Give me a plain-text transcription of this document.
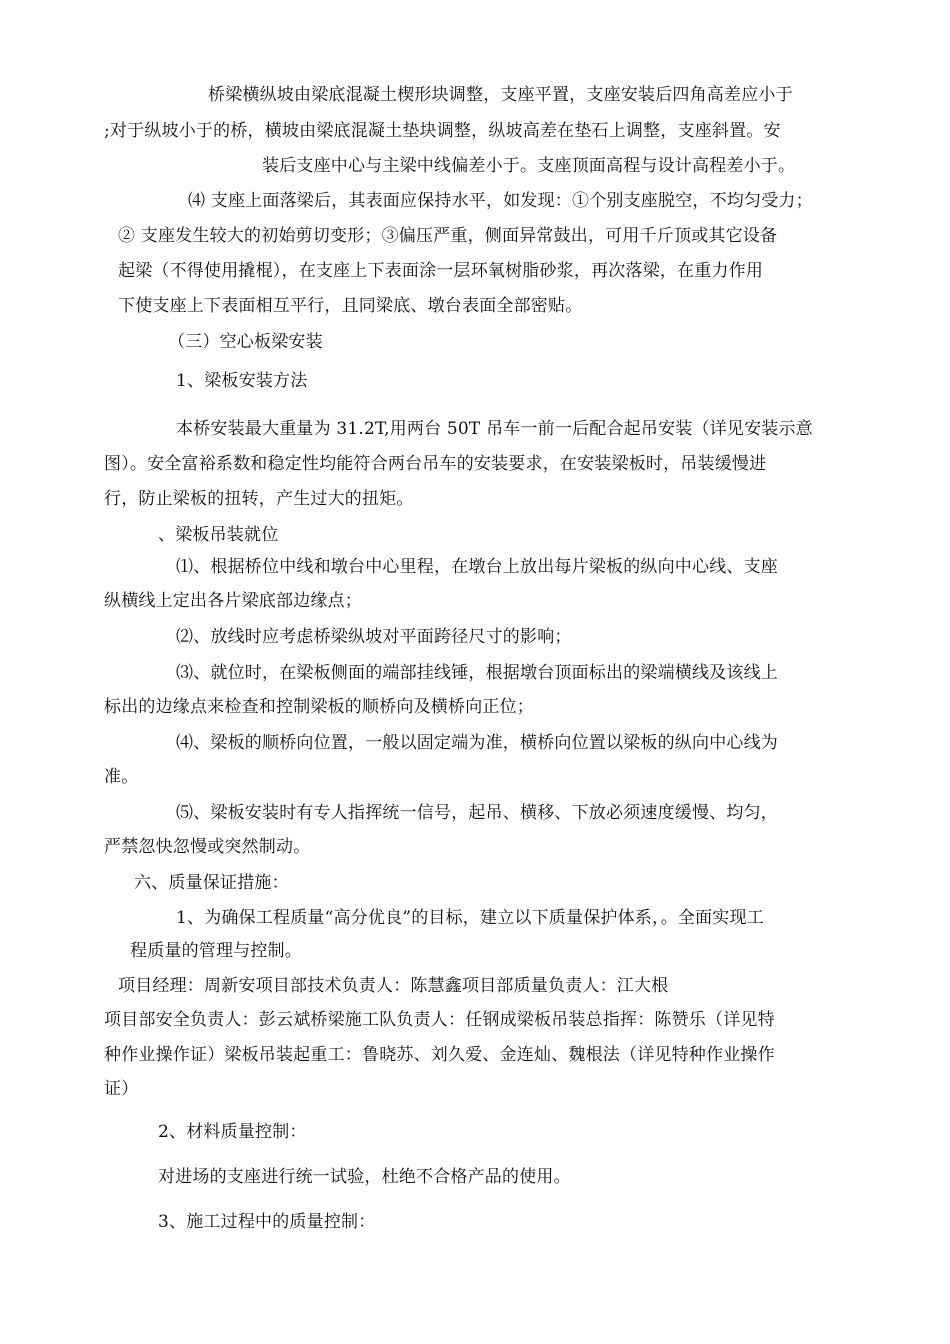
桥梁横纵坡由梁底混凝土楔形块调整，支座平置，支座安装后四角高差应小于
;对于纵坡小于的桥，横坡由梁底混凝土垫块调整，纵坡高差在垫石上调整，支座斜置。安
装后支座中心与主梁中线偏差小于。支座顶面高程与设计高程差小于。
⑷ 支座上面落梁后，其表面应保持水平，如发现：①个别支座脱空，不均匀受力；
② 支座发生较大的初始剪切变形；③偏压严重，侧面异常鼓出，可用千斤顶或其它设备
起梁（不得使用撬棍），在支座上下表面涂一层环氧树脂砂浆，再次落梁，在重力作用
下使支座上下表面相互平行，且同梁底、墩台表面全部密贴。
（三）空心板梁安装
1、梁板安装方法
本桥安装最大重量为 31.2T,用两台 50T 吊车一前一后配合起吊安装（详见安装示意
图）。安全富裕系数和稳定性均能符合两台吊车的安装要求，在安装梁板时，吊装缓慢进
行，防止梁板的扭转，产生过大的扭矩。
、梁板吊装就位
⑴、根据桥位中线和墩台中心里程，在墩台上放出每片梁板的纵向中心线、支座
纵横线上定出各片梁底部边缘点；
⑵、放线时应考虑桥梁纵坡对平面跨径尺寸的影响；
⑶、就位时，在梁板侧面的端部挂线锤，根据墩台顶面标出的梁端横线及该线上
标出的边缘点来检查和控制梁板的顺桥向及横桥向正位；
⑷、梁板的顺桥向位置，一般以固定端为准，横桥向位置以梁板的纵向中心线为
准。
⑸、梁板安装时有专人指挥统一信号，起吊、横移、下放必须速度缓慢、均匀，
严禁忽快忽慢或突然制动。
六、质量保证措施：
1、为确保工程质量“高分优良”的目标，建立以下质量保护体系，。全面实现工
程质量的管理与控制。
项目经理：周新安项目部技术负责人：陈慧鑫项目部质量负责人：江大根
项目部安全负责人：彭云斌桥梁施工队负责人：任钢成梁板吊装总指挥：陈赞乐（详见特
种作业操作证）梁板吊装起重工：鲁晓苏、刘久爱、金连灿、魏根法（详见特种作业操作
证）
2、材料质量控制：
对进场的支座进行统一试验，杜绝不合格产品的使用。
3、施工过程中的质量控制：
